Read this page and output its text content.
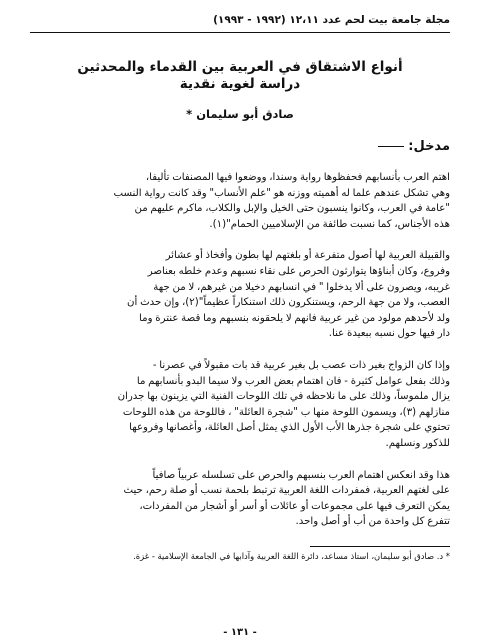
مجلة جامعة بيت لحم عدد ١٢،١١ (١٩٩٢ - ١٩٩٣)
أنواع الاشتقاق في العربية بين القدماء والمحدثين
دراسة لغوية نقدية
صادق أبو سليمان *
مدخل:

اهتم العرب بأنسابهم فحفظوها رواية وسندا، ووضعوا فيها المصنفات تأليفا،

وهي تشكل عندهم علما له أهميته ووزنه هو "علم الأنساب" وقد كانت رواية النسب

"عامة في العرب، وكانوا ينسبون حتى الخيل والإبل والكلاب، ماكرم عليهم من

هذه الأجناس، كما نسبت طائفة من الإسلاميين الحمام"(١).

والقبيلة العربية لها أصول متفرعة أو بلغتهم لها بطون وأفخاذ أو عشائر

وفروع، وكان أبناؤها يتوارثون الحرص على نقاء نسبهم وعدم خلطه بعناصر

غريبه، ويصرون على ألا يدخلوا " في انسابهم دخيلا من غيرهم، لا من جهة

العصب، ولا من جهة الرحم، ويستنكرون ذلك استنكاراً عظيماً"(٢)، وإن حدث أن

ولد لأحدهم مولود من غير عربية فانهم لا يلحقونه بنسبهم وما قصة عنترة وما

دار فيها حول نسبه ببعيدة عنا.

وإذا كان الزواج بغير ذات عصب بل بغير عربية قد بات مقبولاً في عصرنا -

وذلك بفعل عوامل كثيرة - فان اهتمام بعض العرب ولا سيما البدو بأنسابهم ما

يزال ملموساً، وذلك على ما نلاحظه في تلك اللوحات الفنية التي يزينون بها جدران

منازلهم (٣)، ويسمون اللوحة منها ب "شجرة العائلة" ، فاللوحة من هذه اللوحات

تحتوي على شجرة جذرها الأب الأول الذي يمثل أصل العائلة، وأغصانها وفروعها

للذكور ونسلهم.

هذا وقد انعكس اهتمام العرب بنسبهم والحرص على تسلسله عربياً صافياً

على لغتهم العربية، فمفردات اللغة العربية ترتبط بلحمة نسب أو صلة رحم، حيث

يمكن التعرف فيها على مجموعات أو عائلات أو أسر أو أشجار من المفردات،

تتفرع كل واحدة من أب أو أصل واحد.

* د. صادق أبو سليمان، استاذ مساعد، دائرة اللغة العربية وآدابها في الجامعة الإسلامية - غزة.
- ١٣١ -
